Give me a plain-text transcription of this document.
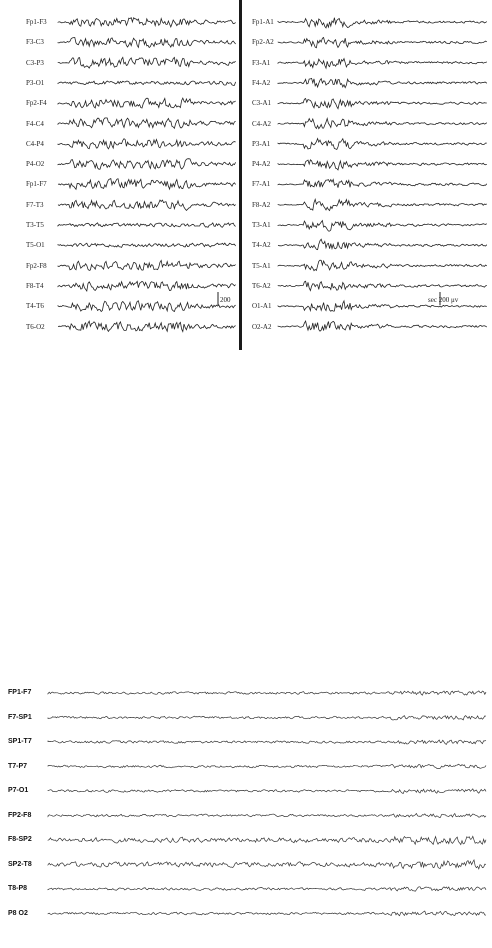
Fp1-F3
F3-C3
C3-P3
P3-O1
Fp2-F4
F4-C4
C4-P4
P4-O2
Fp1-F7
F7-T3
T3-T5
T5-O1
Fp2-F8
F8-T4
T4-T6
T6-O2
200
Fp1-A1
Fp2-A2
F3-A1
F4-A2
C3-A1
C4-A2
P3-A1
P4-A2
F7-A1
F8-A2
T3-A1
T4-A2
T5-A1
T6-A2
O1-A1
O2-A2
sec 200 μv
FP1-F7
F7-SP1
SP1-T7
T7-P7
P7-O1
FP2-F8
F8-SP2
SP2-T8
T8-P8
P8 O2
